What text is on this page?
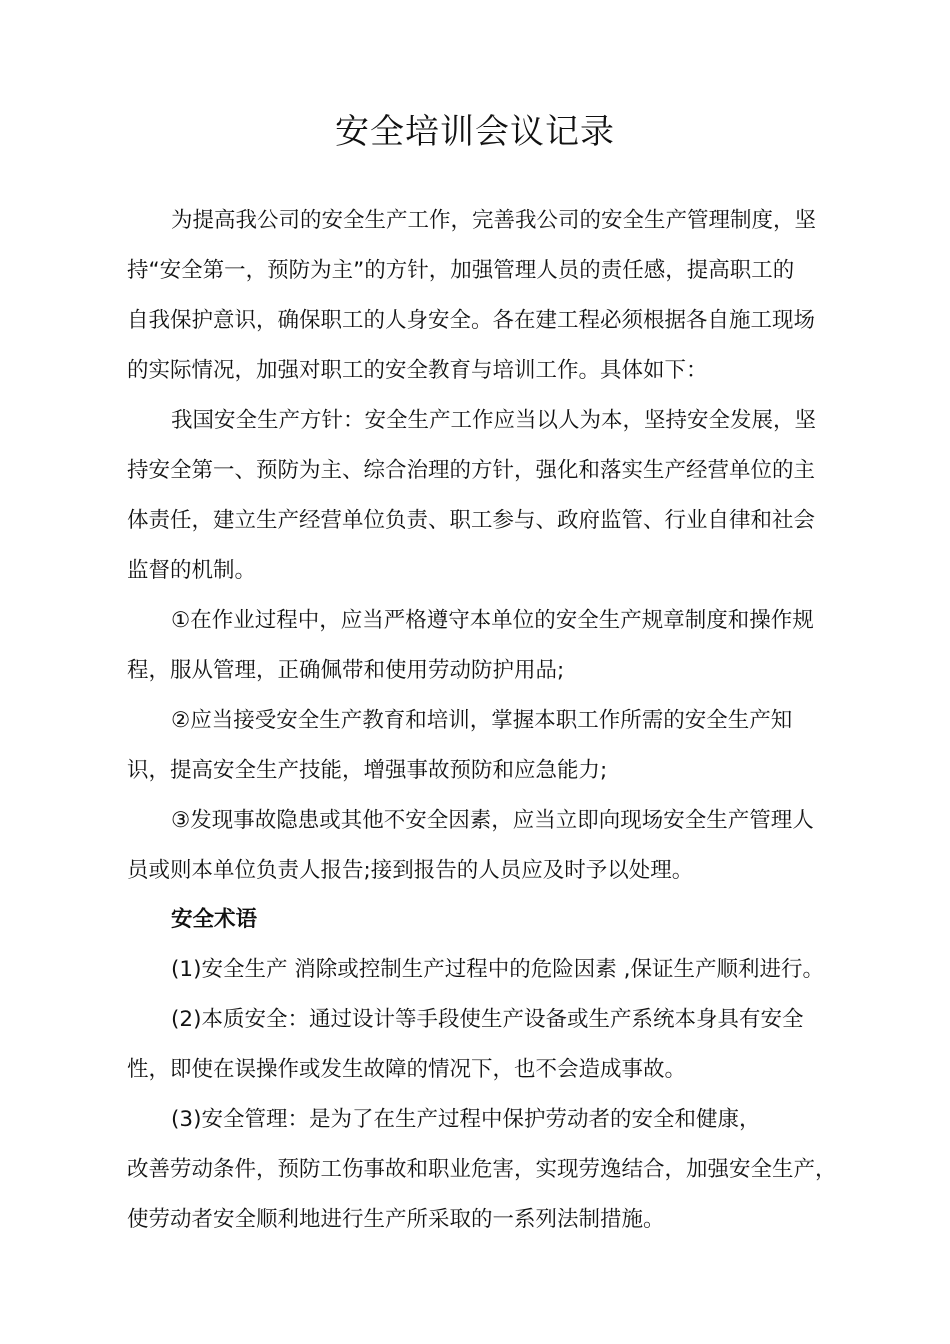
安全培训会议记录
为提高我公司的安全生产工作，完善我公司的安全生产管理制度，坚
持“安全第一，预防为主”的方针，加强管理人员的责任感，提高职工的
自我保护意识，确保职工的人身安全。各在建工程必须根据各自施工现场
的实际情况，加强对职工的安全教育与培训工作。具体如下：
我国安全生产方针：安全生产工作应当以人为本，坚持安全发展，坚
持安全第一、预防为主、综合治理的方针，强化和落实生产经营单位的主
体责任，建立生产经营单位负责、职工参与、政府监管、行业自律和社会
监督的机制。
①在作业过程中，应当严格遵守本单位的安全生产规章制度和操作规
程，服从管理，正确佩带和使用劳动防护用品;
②应当接受安全生产教育和培训，掌握本职工作所需的安全生产知
识，提高安全生产技能，增强事故预防和应急能力;
③发现事故隐患或其他不安全因素，应当立即向现场安全生产管理人
员或则本单位负责人报告;接到报告的人员应及时予以处理。
安全术语
(1)安全生产 消除或控制生产过程中的危险因素 ,保证生产顺利进行。
(2)本质安全：通过设计等手段使生产设备或生产系统本身具有安全
性，即使在误操作或发生故障的情况下，也不会造成事故。
(3)安全管理：是为了在生产过程中保护劳动者的安全和健康，
改善劳动条件，预防工伤事故和职业危害，实现劳逸结合，加强安全生产，
使劳动者安全顺利地进行生产所采取的一系列法制措施。
